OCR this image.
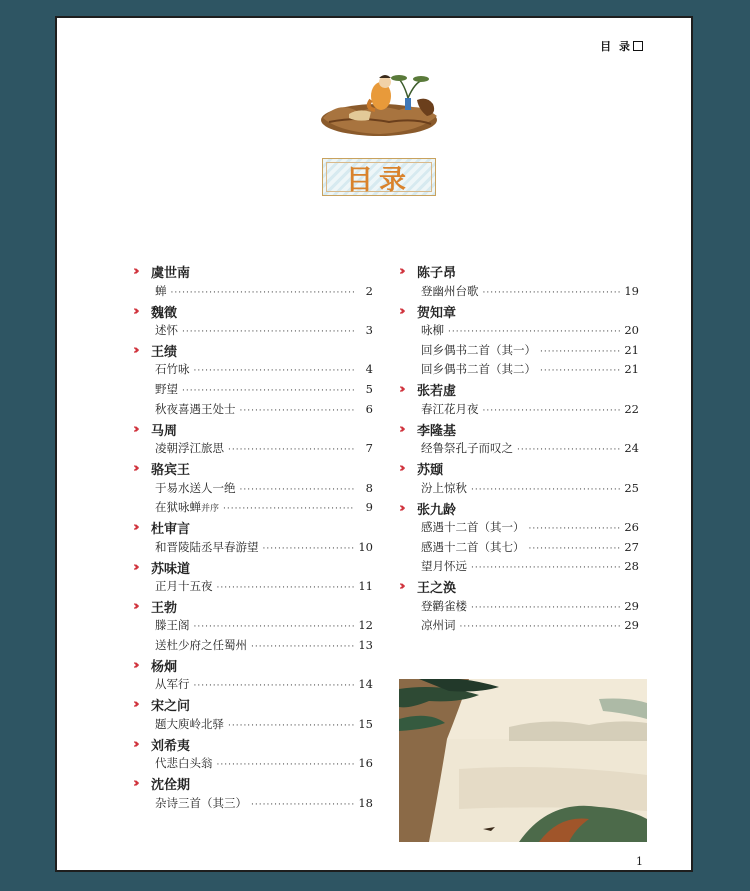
目 录
目录
››	虞世南
蝉 ·····	2
››	魏徵
述怀 ·····	3
››	王绩
石竹咏 ·····	4
野望 ·····	5
秋夜喜遇王处士 ·····	6
››	马周
凌朝浮江旅思 ·····	7
››	骆宾王
于易水送人一绝 ·····	8
在狱咏蝉并序 ·····	9
››	杜审言
和晋陵陆丞早春游望 ·····	10
››	苏味道
正月十五夜 ·····	11
››	王勃
滕王阁 ·····	12
送杜少府之任蜀州 ·····	13
››	杨炯
从军行 ·····	14
››	宋之问
题大庾岭北驿 ·····	15
››	刘希夷
代悲白头翁 ·····	16
››	沈佺期
杂诗三首（其三） ·····	18
››	陈子昂
登幽州台歌 ·····	19
››	贺知章
咏柳 ·····	20
回乡偶书二首（其一） ·····	21
回乡偶书二首（其二） ·····	21
››	张若虚
春江花月夜 ·····	22
››	李隆基
经鲁祭孔子而叹之 ·····	24
››	苏颋
汾上惊秋 ·····	25
››	张九龄
感遇十二首（其一） ·····	26
感遇十二首（其七） ·····	27
望月怀远 ·····	28
››	王之涣
登鹳雀楼 ·····	29
凉州词 ·····	29
1
